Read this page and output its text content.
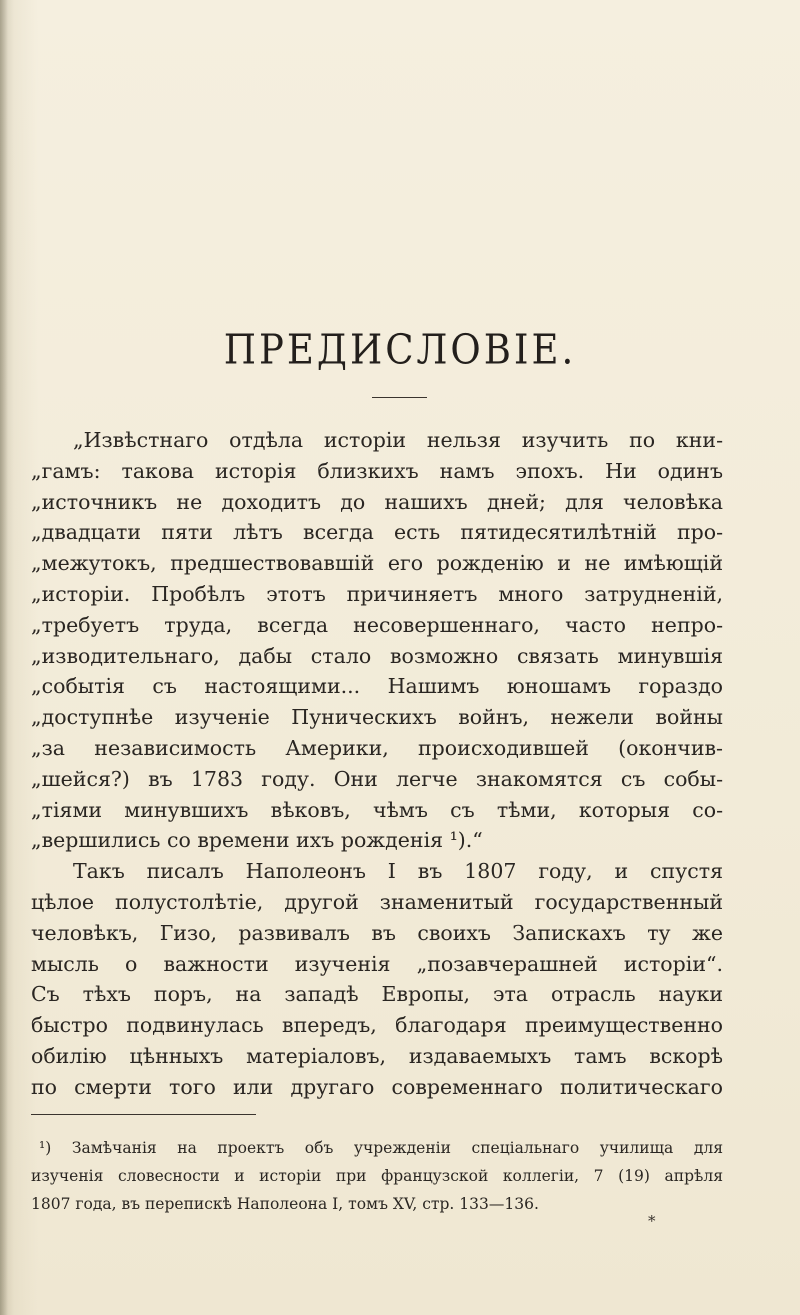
ПРЕДИСЛОВІЕ.
„Извѣстнаго отдѣла исторіи нельзя изучить по кни-
„гамъ: такова исторія близкихъ намъ эпохъ. Ни одинъ
„источникъ не доходитъ до нашихъ дней; для человѣка
„двадцати пяти лѣтъ всегда есть пятидесятилѣтній про-
„межутокъ, предшествовавшій его рожденію и не имѣющій
„исторіи. Пробѣлъ этотъ причиняетъ много затрудненій,
„требуетъ труда, всегда несовершеннаго, часто непро-
„изводительнаго, дабы стало возможно связать минувшія
„событія съ настоящими... Нашимъ юношамъ гораздо
„доступнѣе изученіе Пуническихъ войнъ, нежели войны
„за независимость Америки, происходившей (окончив-
„шейся?) въ 1783 году. Они легче знакомятся съ собы-
„тіями минувшихъ вѣковъ, чѣмъ съ тѣми, которыя со-
„вершились со времени ихъ рожденія ¹).“
Такъ писалъ Наполеонъ I въ 1807 году, и спустя
цѣлое полустолѣтіе, другой знаменитый государственный
человѣкъ, Гизо, развивалъ въ своихъ Запискахъ ту же
мысль о важности изученія „позавчерашней исторіи“.
Съ тѣхъ поръ, на западѣ Европы, эта отрасль науки
быстро подвинулась впередъ, благодаря преимущественно
обилію цѣнныхъ матеріаловъ, издаваемыхъ тамъ вскорѣ
по смерти того или другаго современнаго политическаго
¹) Замѣчанія на проектъ объ учрежденіи спеціальнаго училища для
изученія словесности и исторіи при французской коллегіи, 7 (19) апрѣля
1807 года, въ перепискѣ Наполеона I, томъ XV, стр. 133—136.
*
